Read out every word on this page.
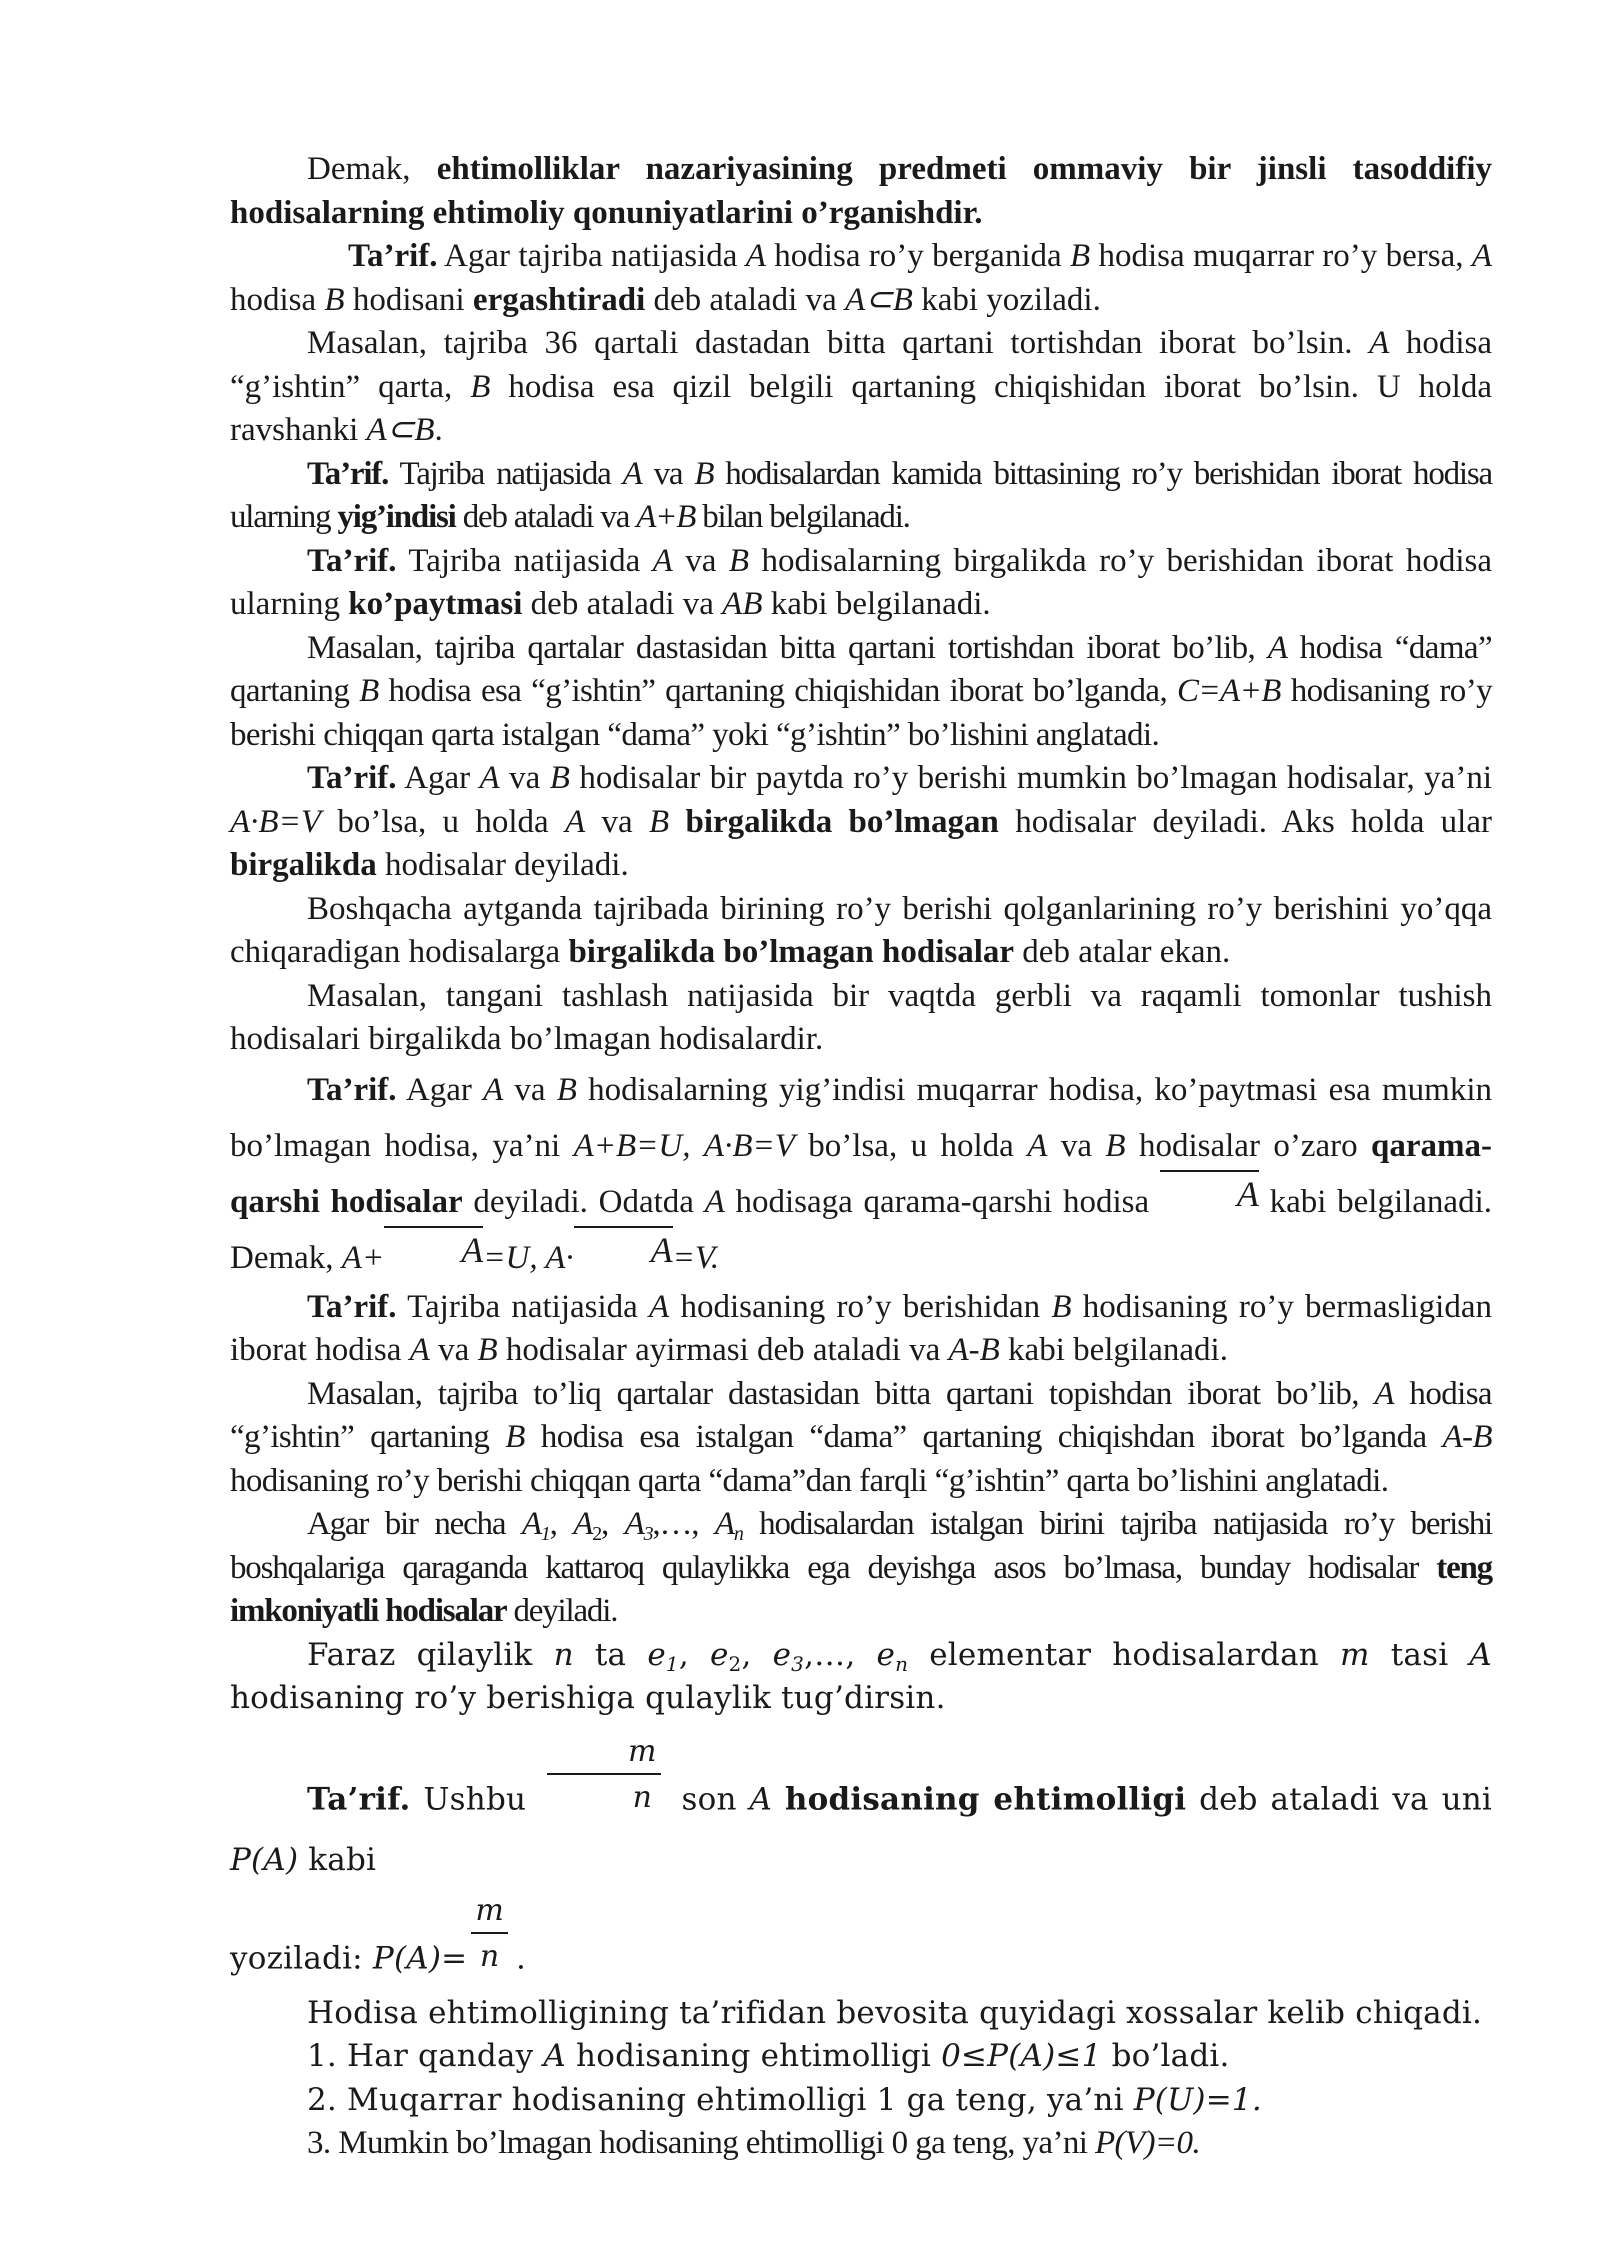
Demak, ehtimolliklar nazariyasining predmeti ommaviy bir jinsli tasoddifiy hodisalarning ehtimoliy qonuniyatlarini o’rganishdir.

Ta’rif. Agar tajriba natijasida A hodisa ro’y berganida B hodisa muqarrar ro’y bersa, A hodisa B hodisani ergashtiradi deb ataladi va A⊂B kabi yoziladi.

Masalan, tajriba 36 qartali dastadan bitta qartani tortishdan iborat bo’lsin. A hodisa “g’ishtin” qarta, B hodisa esa qizil belgili qartaning chiqishidan iborat bo’lsin. U holda ravshanki A⊂B.

Ta’rif. Tajriba natijasida A va B hodisalardan kamida bittasining ro’y berishidan iborat hodisa ularning yig’indisi deb ataladi va A+B bilan belgilanadi.

Ta’rif. Tajriba natijasida A va B hodisalarning birgalikda ro’y berishidan iborat hodisa ularning ko’paytmasi deb ataladi va AB kabi belgilanadi.

Masalan, tajriba qartalar dastasidan bitta qartani tortishdan iborat bo’lib, A hodisa “dama” qartaning B hodisa esa “g’ishtin” qartaning chiqishidan iborat bo’lganda, C=A+B hodisaning ro’y berishi chiqqan qarta istalgan “dama” yoki “g’ishtin” bo’lishini anglatadi.

Ta’rif. Agar A va B hodisalar bir paytda ro’y berishi mumkin bo’lmagan hodisalar, ya’ni A·B=V bo’lsa, u holda A va B birgalikda bo’lmagan hodisalar deyiladi. Aks holda ular birgalikda hodisalar deyiladi.

Boshqacha aytganda tajribada birining ro’y berishi qolganlarining ro’y berishini yo’qqa chiqaradigan hodisalarga birgalikda bo’lmagan hodisalar deb atalar ekan.

Masalan, tangani tashlash natijasida bir vaqtda gerbli va raqamli tomonlar tushish hodisalari birgalikda bo’lmagan hodisalardir.

Ta’rif. Agar A va B hodisalarning yig’indisi muqarrar hodisa, ko’paytmasi esa mumkin bo’lmagan hodisa, ya’ni A+B=U, A·B=V bo’lsa, u holda A va B hodisalar o’zaro qarama-qarshi hodisalar deyiladi. Odatda A hodisaga qarama-qarshi hodisa A kabi belgilanadi. Demak, A+ A=U, A· A=V.

Ta’rif. Tajriba natijasida A hodisaning ro’y berishidan B hodisaning ro’y bermasligidan iborat hodisa A va B hodisalar ayirmasi deb ataladi va A-B kabi belgilanadi.

Masalan, tajriba to’liq qartalar dastasidan bitta qartani topishdan iborat bo’lib, A hodisa “g’ishtin” qartaning B hodisa esa istalgan “dama” qartaning chiqishdan iborat bo’lganda A-B hodisaning ro’y berishi chiqqan qarta “dama”dan farqli “g’ishtin” qarta bo’lishini anglatadi.

Agar bir necha $A_1$, $A_2$, $A_3,\dots$, $A_n$ hodisalardan istalgan birini tajriba natijasida ro’y berishi boshqalariga qaraganda kattaroq qulaylikka ega deyishga asos bo’lmasa, bunday hodisalar teng imkoniyatli hodisalar deyiladi.

Faraz qilaylik n ta $e_1$, $e_2$, $e_3,\dots$, $e_n$ elementar hodisalardan m tasi A hodisaning ro’y berishiga qulaylik tug’dirsin.

Ta’rif. Ushbu $\frac{m}{n}$ son A hodisaning ehtimolligi deb ataladi va uni P(A) kabi

yoziladi: $P(A)= \frac{m}{n}$ .

Hodisa ehtimolligining ta’rifidan bevosita quyidagi xossalar kelib chiqadi.

1. Har qanday A hodisaning ehtimolligi 0≤P(A)≤1 bo’ladi.

2. Muqarrar hodisaning ehtimolligi 1 ga teng, ya’ni P(U)=1.

3. Mumkin bo’lmagan hodisaning ehtimolligi 0 ga teng, ya’ni P(V)=0.
